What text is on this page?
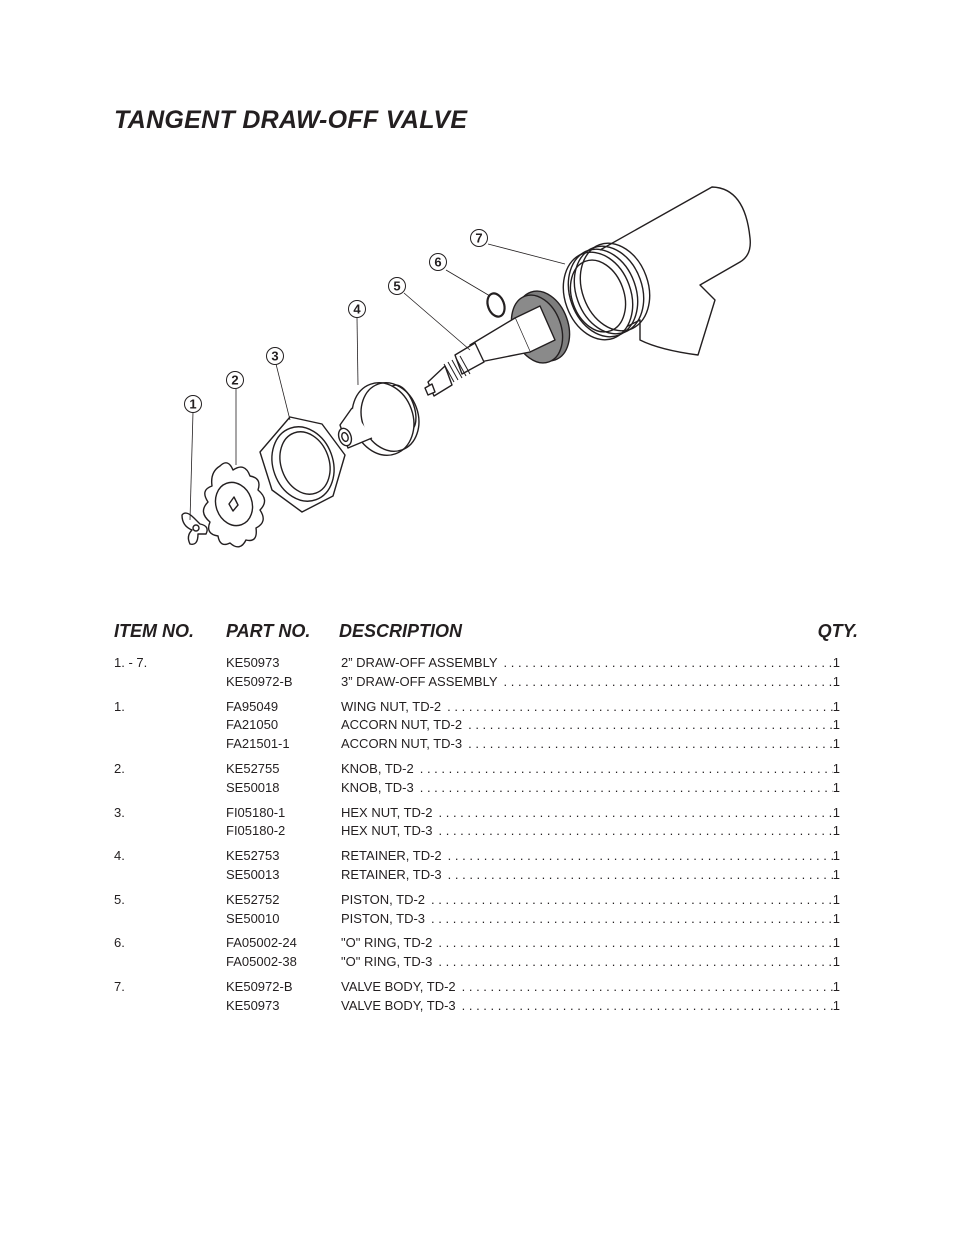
TANGENT DRAW-OFF VALVE
1
2
3
4
5
6
7
ITEM NO. PART NO. DESCRIPTION	QTY.
1. - 7.	KE50973	2” DRAW-OFF ASSEMBLY . . .	1
KE50972-B	3” DRAW-OFF ASSEMBLY . . .	1
1.	FA95049	WING NUT, TD-2 . . .	1
FA21050	ACCORN NUT, TD-2 . . .	1
FA21501-1	ACCORN NUT, TD-3 . . .	1
2.	KE52755	KNOB, TD-2 . . .	1
SE50018	KNOB, TD-3 . . .	1
3.	FI05180-1	HEX NUT, TD-2 . . .	1
FI05180-2	HEX NUT, TD-3 . . .	1
4.	KE52753	RETAINER, TD-2 . . .	1
SE50013	RETAINER, TD-3 . . .	1
5.	KE52752	PISTON, TD-2 . . .	1
SE50010	PISTON, TD-3 . . .	1
6.	FA05002-24	"O" RING, TD-2 . . .	1
FA05002-38	"O" RING, TD-3 . . .	1
7.	KE50972-B	VALVE BODY, TD-2 . . .	1
KE50973	VALVE BODY, TD-3 . . .	1
